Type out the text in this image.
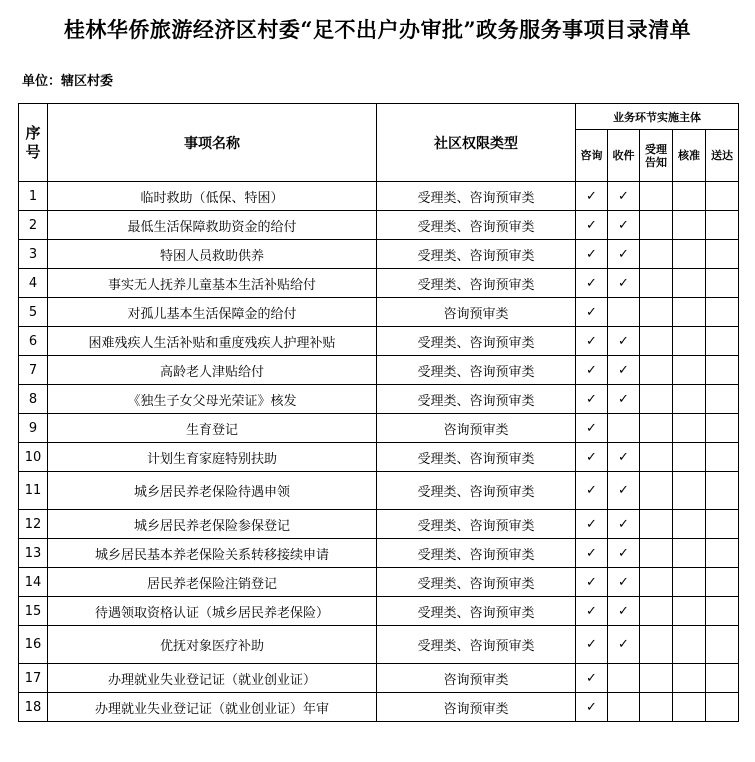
桂林华侨旅游经济区村委“足不出户办审批”政务服务事项目录清单
单位：辖区村委
序号	事项名称	社区权限类型	业务环节实施主体				
			咨询	收件	受理告知	核准	送达
1	临时救助（低保、特困）	受理类、咨询预审类	✓	✓			
2	最低生活保障救助资金的给付	受理类、咨询预审类	✓	✓			
3	特困人员救助供养	受理类、咨询预审类	✓	✓			
4	事实无人抚养儿童基本生活补贴给付	受理类、咨询预审类	✓	✓			
5	对孤儿基本生活保障金的给付	咨询预审类	✓				
6	困难残疾人生活补贴和重度残疾人护理补贴	受理类、咨询预审类	✓	✓			
7	高龄老人津贴给付	受理类、咨询预审类	✓	✓			
8	《独生子女父母光荣证》核发	受理类、咨询预审类	✓	✓			
9	生育登记	咨询预审类	✓				
10	计划生育家庭特别扶助	受理类、咨询预审类	✓	✓			
11	城乡居民养老保险待遇申领	受理类、咨询预审类	✓	✓			
12	城乡居民养老保险参保登记	受理类、咨询预审类	✓	✓			
13	城乡居民基本养老保险关系转移接续申请	受理类、咨询预审类	✓	✓			
14	居民养老保险注销登记	受理类、咨询预审类	✓	✓			
15	待遇领取资格认证（城乡居民养老保险）	受理类、咨询预审类	✓	✓			
16	优抚对象医疗补助	受理类、咨询预审类	✓	✓			
17	办理就业失业登记证（就业创业证）	咨询预审类	✓				
18	办理就业失业登记证（就业创业证）年审	咨询预审类	✓				
